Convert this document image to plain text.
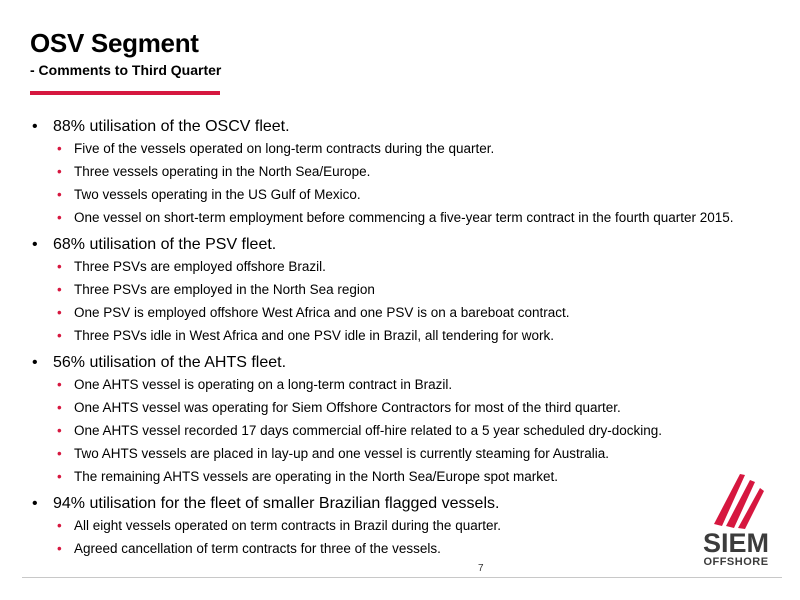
OSV Segment
- Comments to Third Quarter
• 88% utilisation of the OSCV fleet.
• Five of the vessels operated on long-term contracts during the quarter.
• Three vessels operating in the North Sea/Europe.
• Two vessels operating in the US Gulf of Mexico.
• One vessel on short-term employment before commencing a five-year term contract in the fourth quarter 2015.
• 68% utilisation of the PSV fleet.
• Three PSVs are employed offshore Brazil.
• Three PSVs are employed in the North Sea region
• One PSV is employed offshore West Africa and one PSV is on a bareboat contract.
• Three PSVs idle in West Africa and one PSV idle in Brazil, all tendering for work.
• 56% utilisation of the AHTS fleet.
• One AHTS vessel is operating on a long-term contract in Brazil.
• One AHTS vessel was operating for Siem Offshore Contractors for most of the third quarter.
• One AHTS vessel recorded 17 days commercial off-hire related to a 5 year scheduled dry-docking.
• Two AHTS vessels are placed in lay-up and one vessel is currently steaming for Australia.
• The remaining AHTS vessels are operating in the North Sea/Europe spot market.
• 94% utilisation for the fleet of smaller Brazilian flagged vessels.
• All eight vessels operated on term contracts in Brazil during the quarter.
• Agreed cancellation of term contracts for three of the vessels.	SIEM
OFFSHORE
7
